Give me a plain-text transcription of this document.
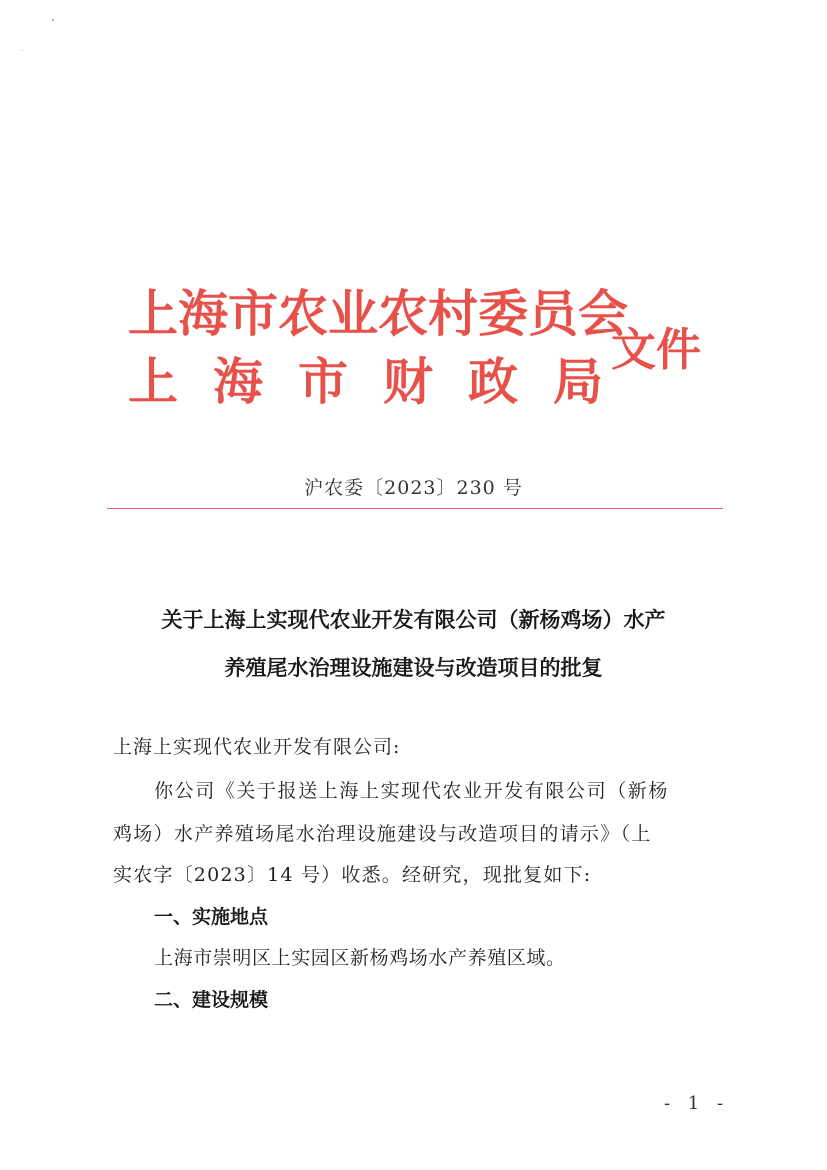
上海市农业农村委员会
上海市财政局
文件
沪农委〔2023〕230 号
关于上海上实现代农业开发有限公司（新杨鸡场）水产
养殖尾水治理设施建设与改造项目的批复
上海上实现代农业开发有限公司:
你公司《关于报送上海上实现代农业开发有限公司（新杨
鸡场）水产养殖场尾水治理设施建设与改造项目的请示》（上
实农字〔2023〕14 号）收悉。经研究，现批复如下:
一、实施地点
上海市崇明区上实园区新杨鸡场水产养殖区域。
二、建设规模
- 1 -
